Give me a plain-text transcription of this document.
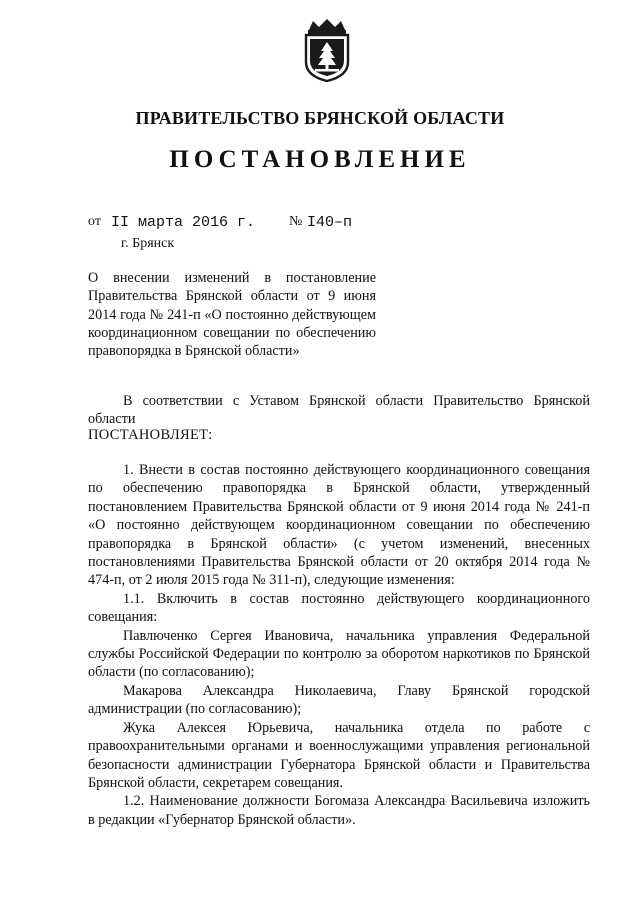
ПРАВИТЕЛЬСТВО БРЯНСКОЙ ОБЛАСТИ
ПОСТАНОВЛЕНИЕ
от II марта 2016 г. № I40–п
г. Брянск
О внесении изменений в постановление Правительства Брянской области от 9 июня 2014 года № 241-п «О постоянно действующем координационном совещании по обеспечению правопорядка в Брянской области»
В соответствии с Уставом Брянской области Правительство Брянской области
ПОСТАНОВЛЯЕТ:

1. Внести в состав постоянно действующего координационного совещания по обеспечению правопорядка в Брянской области, утвержденный постановлением Правительства Брянской области от 9 июня 2014 года № 241-п «О постоянно действующем координационном совещании по обеспечению правопорядка в Брянской области» (с учетом изменений, внесенных постановлениями Правительства Брянской области от 20 октября 2014 года № 474-п, от 2 июля 2015 года № 311-п), следующие изменения:

1.1. Включить в состав постоянно действующего координационного совещания:

Павлюченко Сергея Ивановича, начальника управления Федеральной службы Российской Федерации по контролю за оборотом наркотиков по Брянской области (по согласованию);

Макарова Александра Николаевича, Главу Брянской городской администрации (по согласованию);

Жука Алексея Юрьевича, начальника отдела по работе с правоохранительными органами и военнослужащими управления региональной безопасности администрации Губернатора Брянской области и Правительства Брянской области, секретарем совещания.

1.2. Наименование должности Богомаза Александра Васильевича изложить в редакции «Губернатор Брянской области».
